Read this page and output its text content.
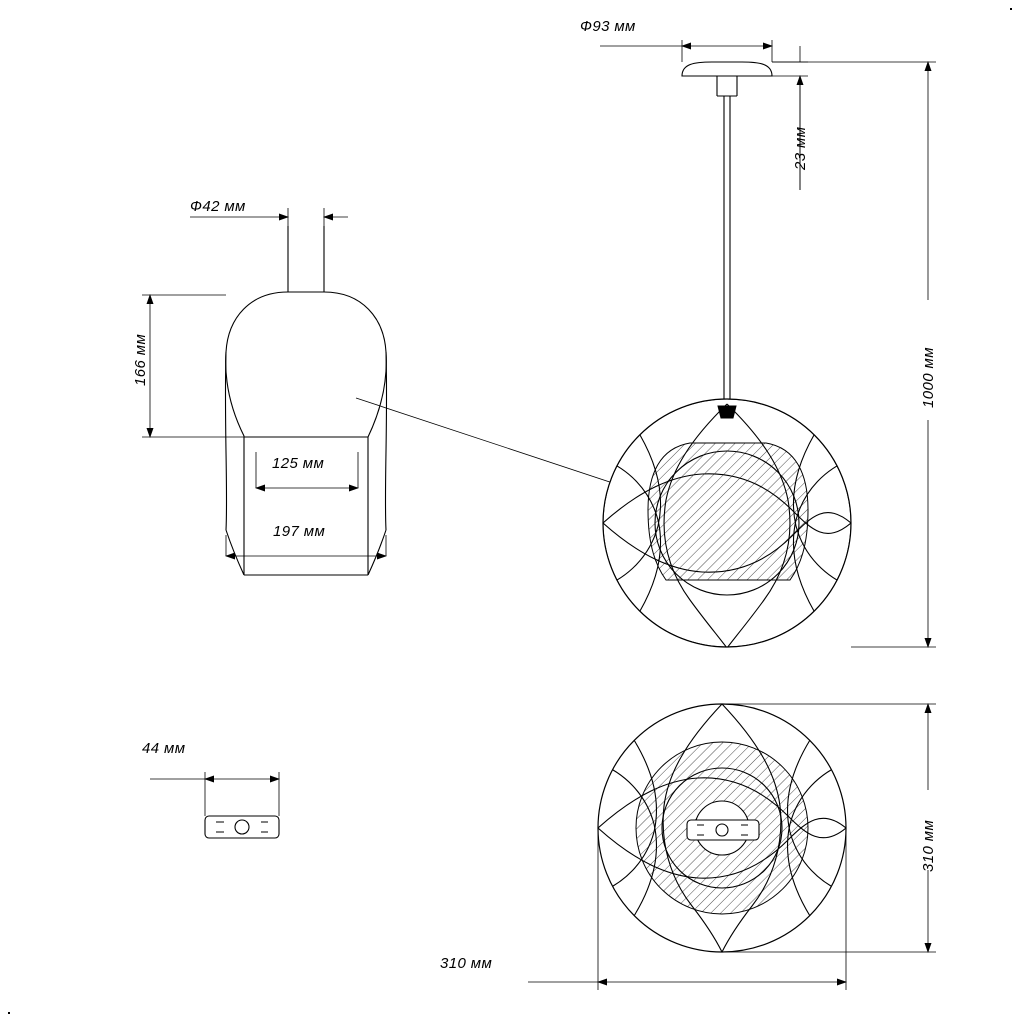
Ф42 мм
166 мм
125 мм
197 мм
Ф93 мм
23 мм
1000 мм
44 мм
310 мм
310 мм
